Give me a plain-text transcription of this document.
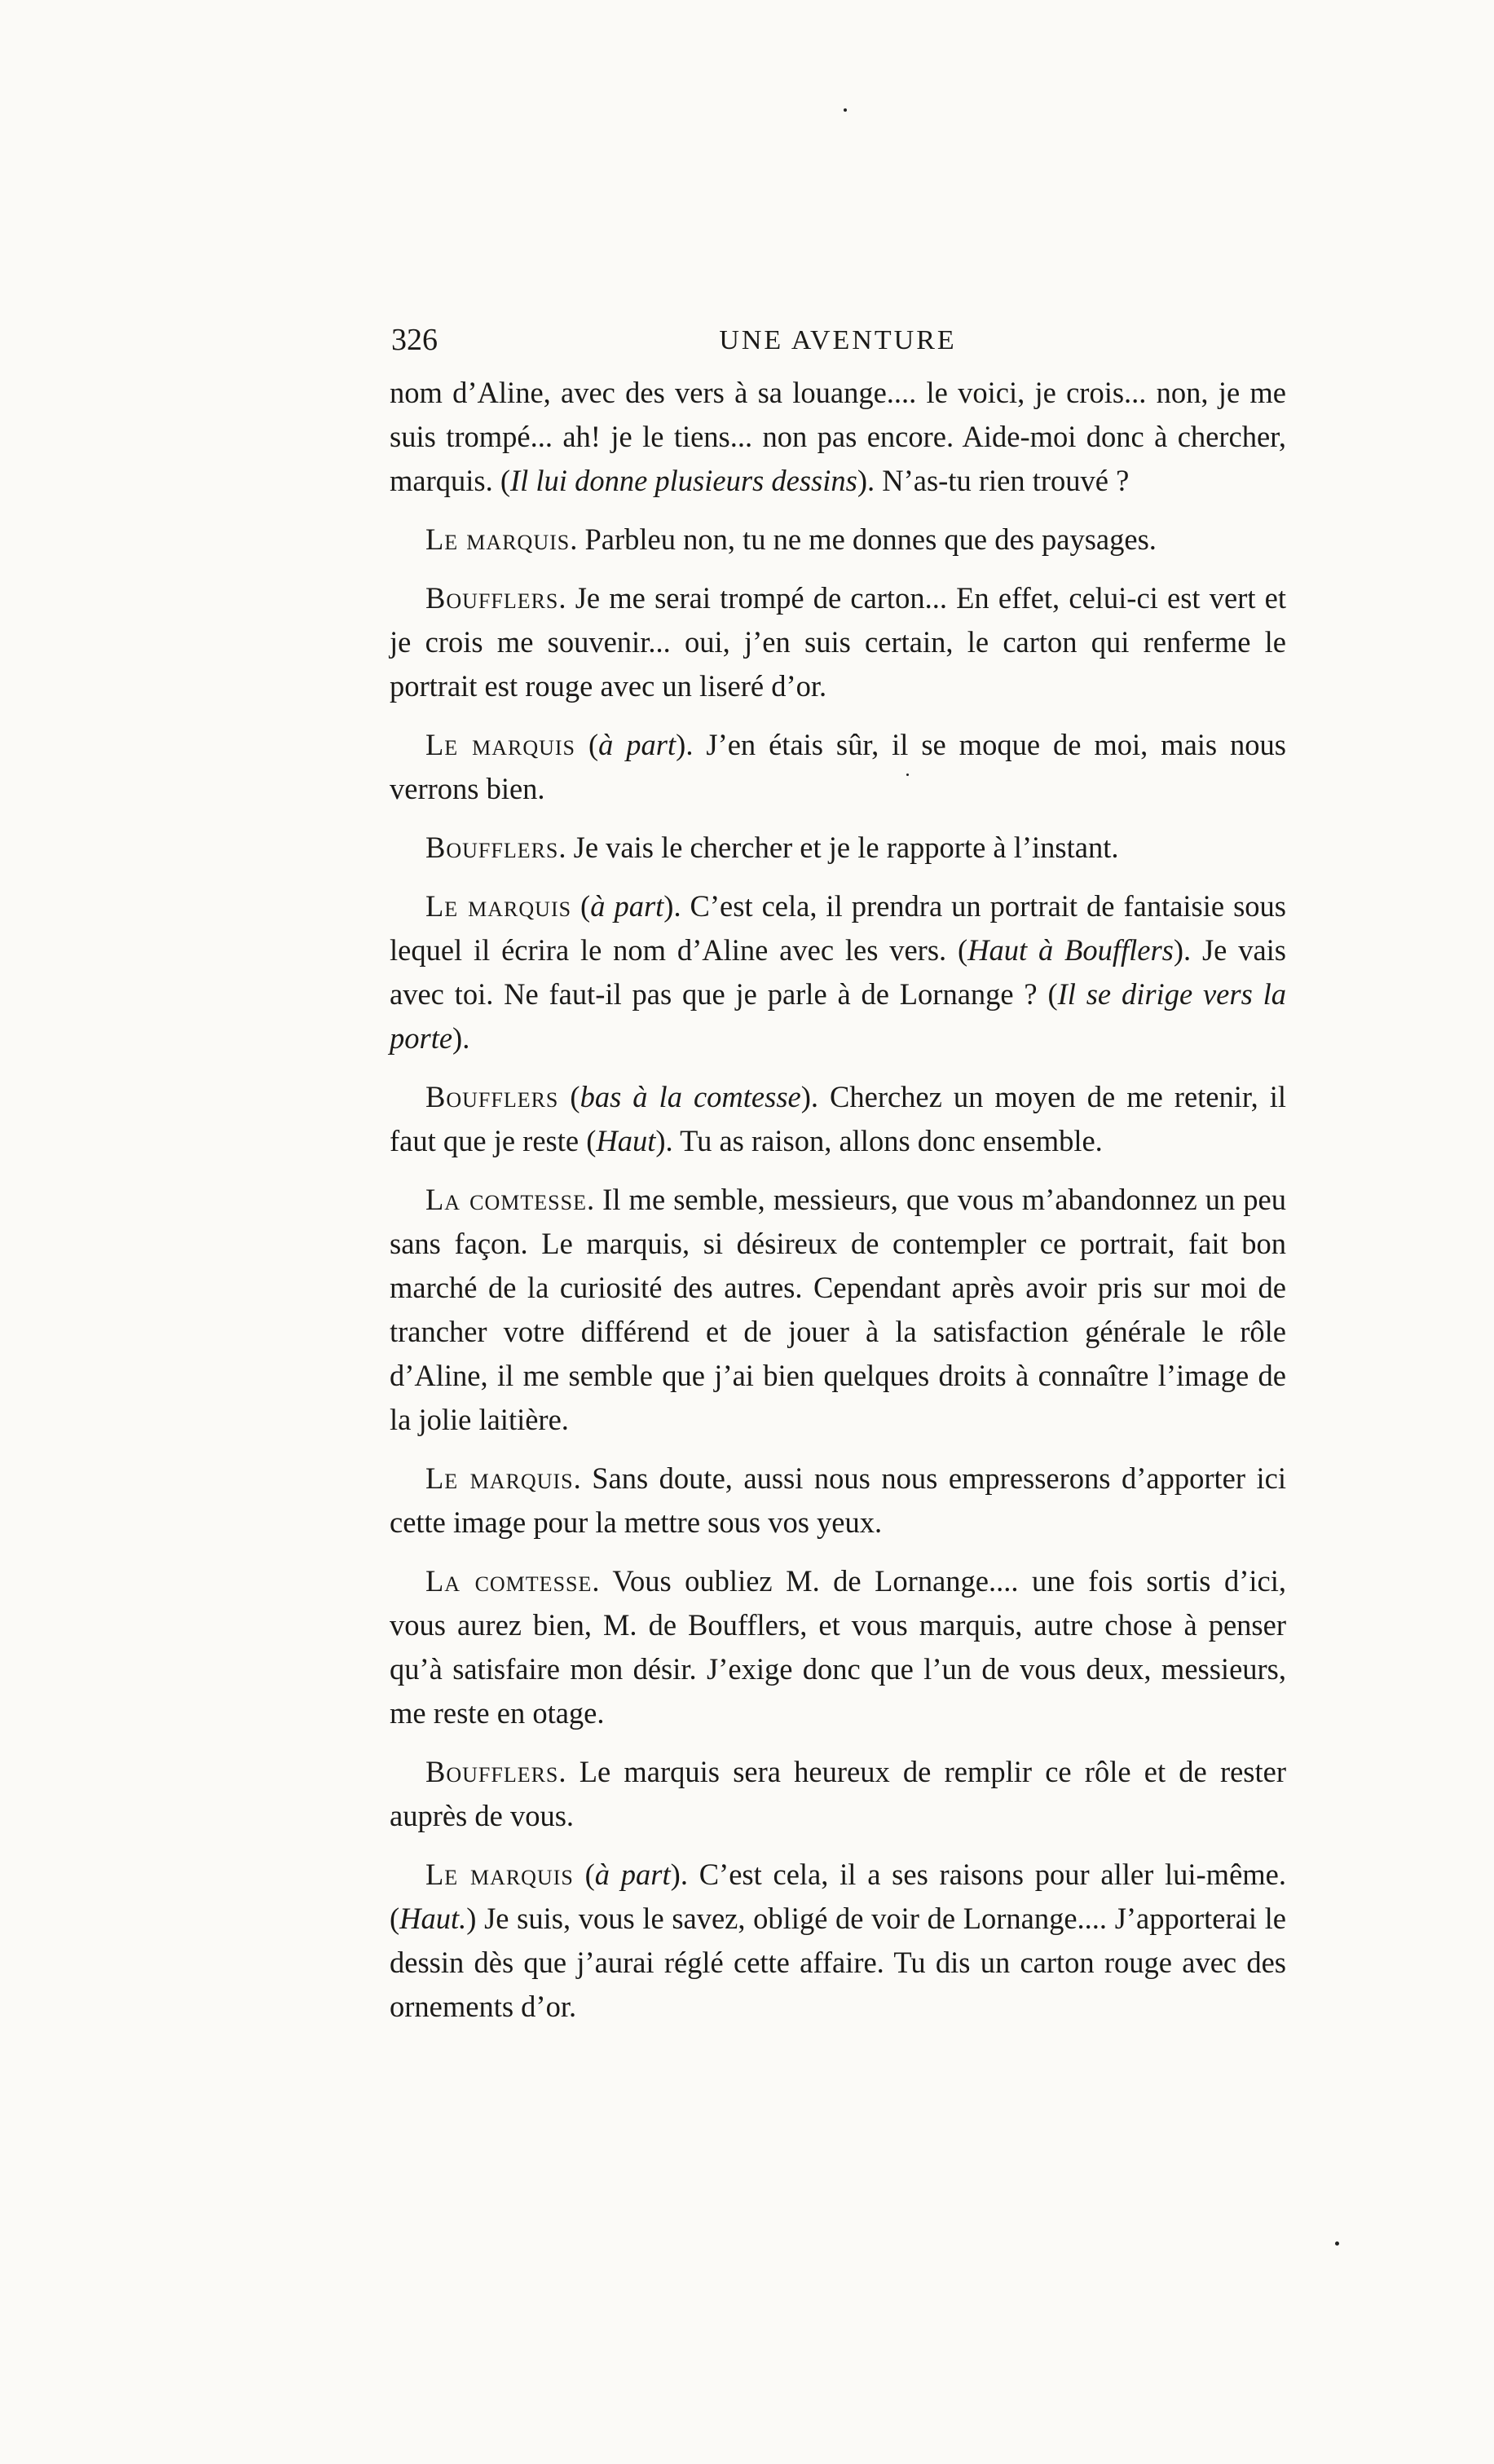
326	UNE AVENTURE

nom d’Aline, avec des vers à sa louange.... le voici, je crois... non, je me suis trompé... ah! je le tiens... non pas encore. Aide-moi donc à chercher, marquis. (Il lui donne plusieurs dessins). N’as-tu rien trouvé ?

Le marquis. Parbleu non, tu ne me donnes que des paysages.

Boufflers. Je me serai trompé de carton... En effet, celui-ci est vert et je crois me souvenir... oui, j’en suis certain, le carton qui renferme le portrait est rouge avec un liseré d’or.

Le marquis (à part). J’en étais sûr, il se moque de moi, mais nous verrons bien.

Boufflers. Je vais le chercher et je le rapporte à l’instant.

Le marquis (à part). C’est cela, il prendra un portrait de fantaisie sous lequel il écrira le nom d’Aline avec les vers. (Haut à Boufflers). Je vais avec toi. Ne faut-il pas que je parle à de Lornange ? (Il se dirige vers la porte).

Boufflers (bas à la comtesse). Cherchez un moyen de me retenir, il faut que je reste (Haut). Tu as raison, allons donc ensemble.

La comtesse. Il me semble, messieurs, que vous m’abandonnez un peu sans façon. Le marquis, si désireux de contempler ce portrait, fait bon marché de la curiosité des autres. Cependant après avoir pris sur moi de trancher votre différend et de jouer à la satisfaction générale le rôle d’Aline, il me semble que j’ai bien quelques droits à connaître l’image de la jolie laitière.

Le marquis. Sans doute, aussi nous nous empresserons d’apporter ici cette image pour la mettre sous vos yeux.

La comtesse. Vous oubliez M. de Lornange.... une fois sortis d’ici, vous aurez bien, M. de Boufflers, et vous marquis, autre chose à penser qu’à satisfaire mon désir. J’exige donc que l’un de vous deux, messieurs, me reste en otage.

Boufflers. Le marquis sera heureux de remplir ce rôle et de rester auprès de vous.

Le marquis (à part). C’est cela, il a ses raisons pour aller lui-même. (Haut.) Je suis, vous le savez, obligé de voir de Lornange.... J’apporterai le dessin dès que j’aurai réglé cette affaire. Tu dis un carton rouge avec des ornements d’or.
